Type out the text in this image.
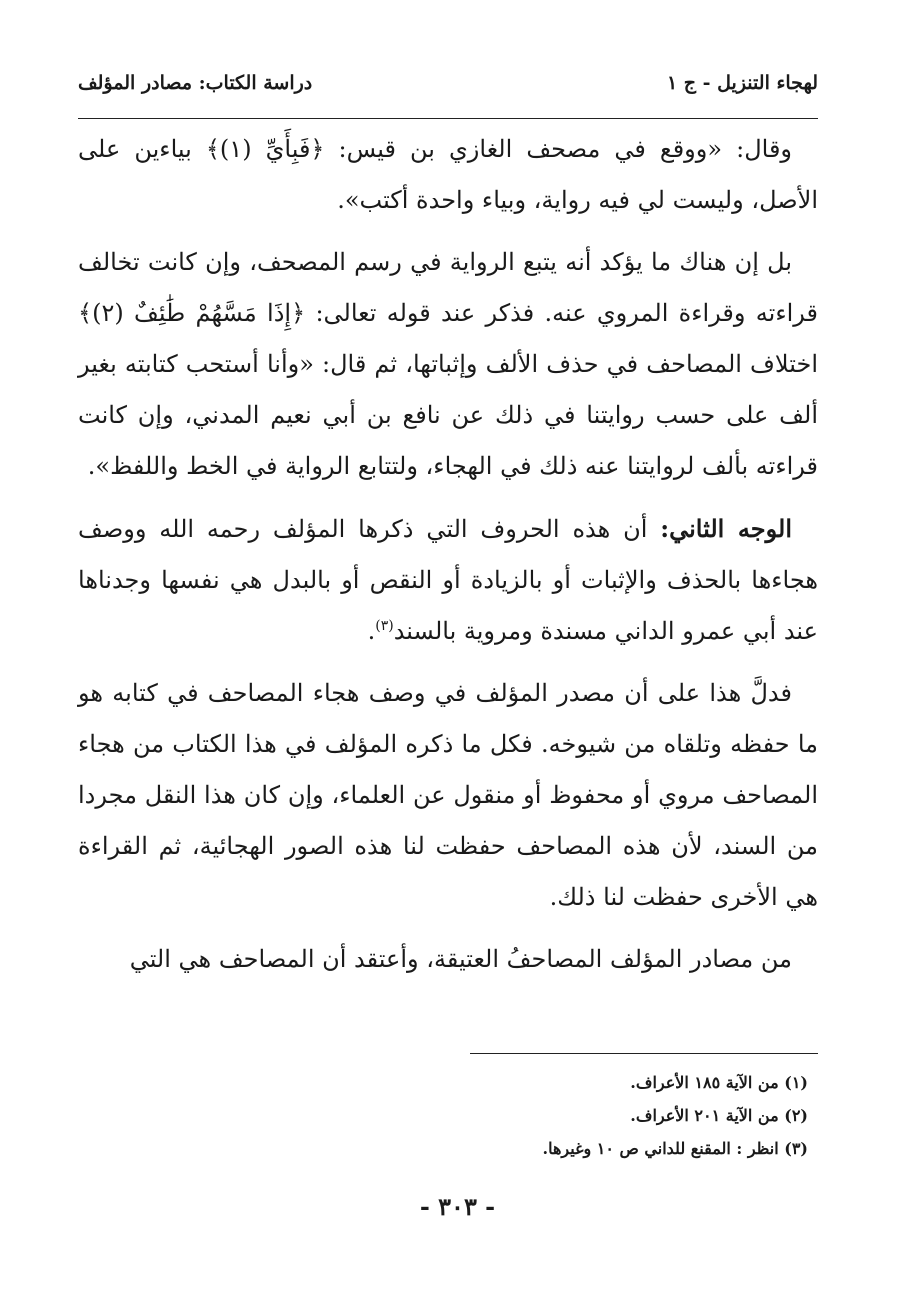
لهجاء التنزيل - ج ١
دراسة الكتاب: مصادر المؤلف

وقال: «ووقع في مصحف الغازي بن قيس: ﴿فَبِأَيِّ (١)﴾ بياءين على الأصل، وليست لي فيه رواية، وبياء واحدة أكتب».

بل إن هناك ما يؤكد أنه يتبع الرواية في رسم المصحف، وإن كانت تخالف قراءته وقراءة المروي عنه. فذكر عند قوله تعالى: ﴿إِذَا مَسَّهُمْ طَٰئِفٌ (٢)﴾ اختلاف المصاحف في حذف الألف وإثباتها، ثم قال: «وأنا أستحب كتابته بغير ألف على حسب روايتنا في ذلك عن نافع بن أبي نعيم المدني، وإن كانت قراءته بألف لروايتنا عنه ذلك في الهجاء، ولتتابع الرواية في الخط واللفظ».

الوجه الثاني: أن هذه الحروف التي ذكرها المؤلف رحمه الله ووصف هجاءها بالحذف والإثبات أو بالزيادة أو النقص أو بالبدل هي نفسها وجدناها عند أبي عمرو الداني مسندة ومروية بالسند$^{(٣)}$.

فدلَّ هذا على أن مصدر المؤلف في وصف هجاء المصاحف في كتابه هو ما حفظه وتلقاه من شيوخه. فكل ما ذكره المؤلف في هذا الكتاب من هجاء المصاحف مروي أو محفوظ أو منقول عن العلماء، وإن كان هذا النقل مجردا من السند، لأن هذه المصاحف حفظت لنا هذه الصور الهجائية، ثم القراءة هي الأخرى حفظت لنا ذلك.

من مصادر المؤلف المصاحفُ العتيقة، وأعتقد أن المصاحف هي التي

(١) من الآية ١٨٥ الأعراف.
(٢) من الآية ٢٠١ الأعراف.
(٣) انظر : المقنع للداني ص ١٠ وغيرها.
- ٣٠٣ -
